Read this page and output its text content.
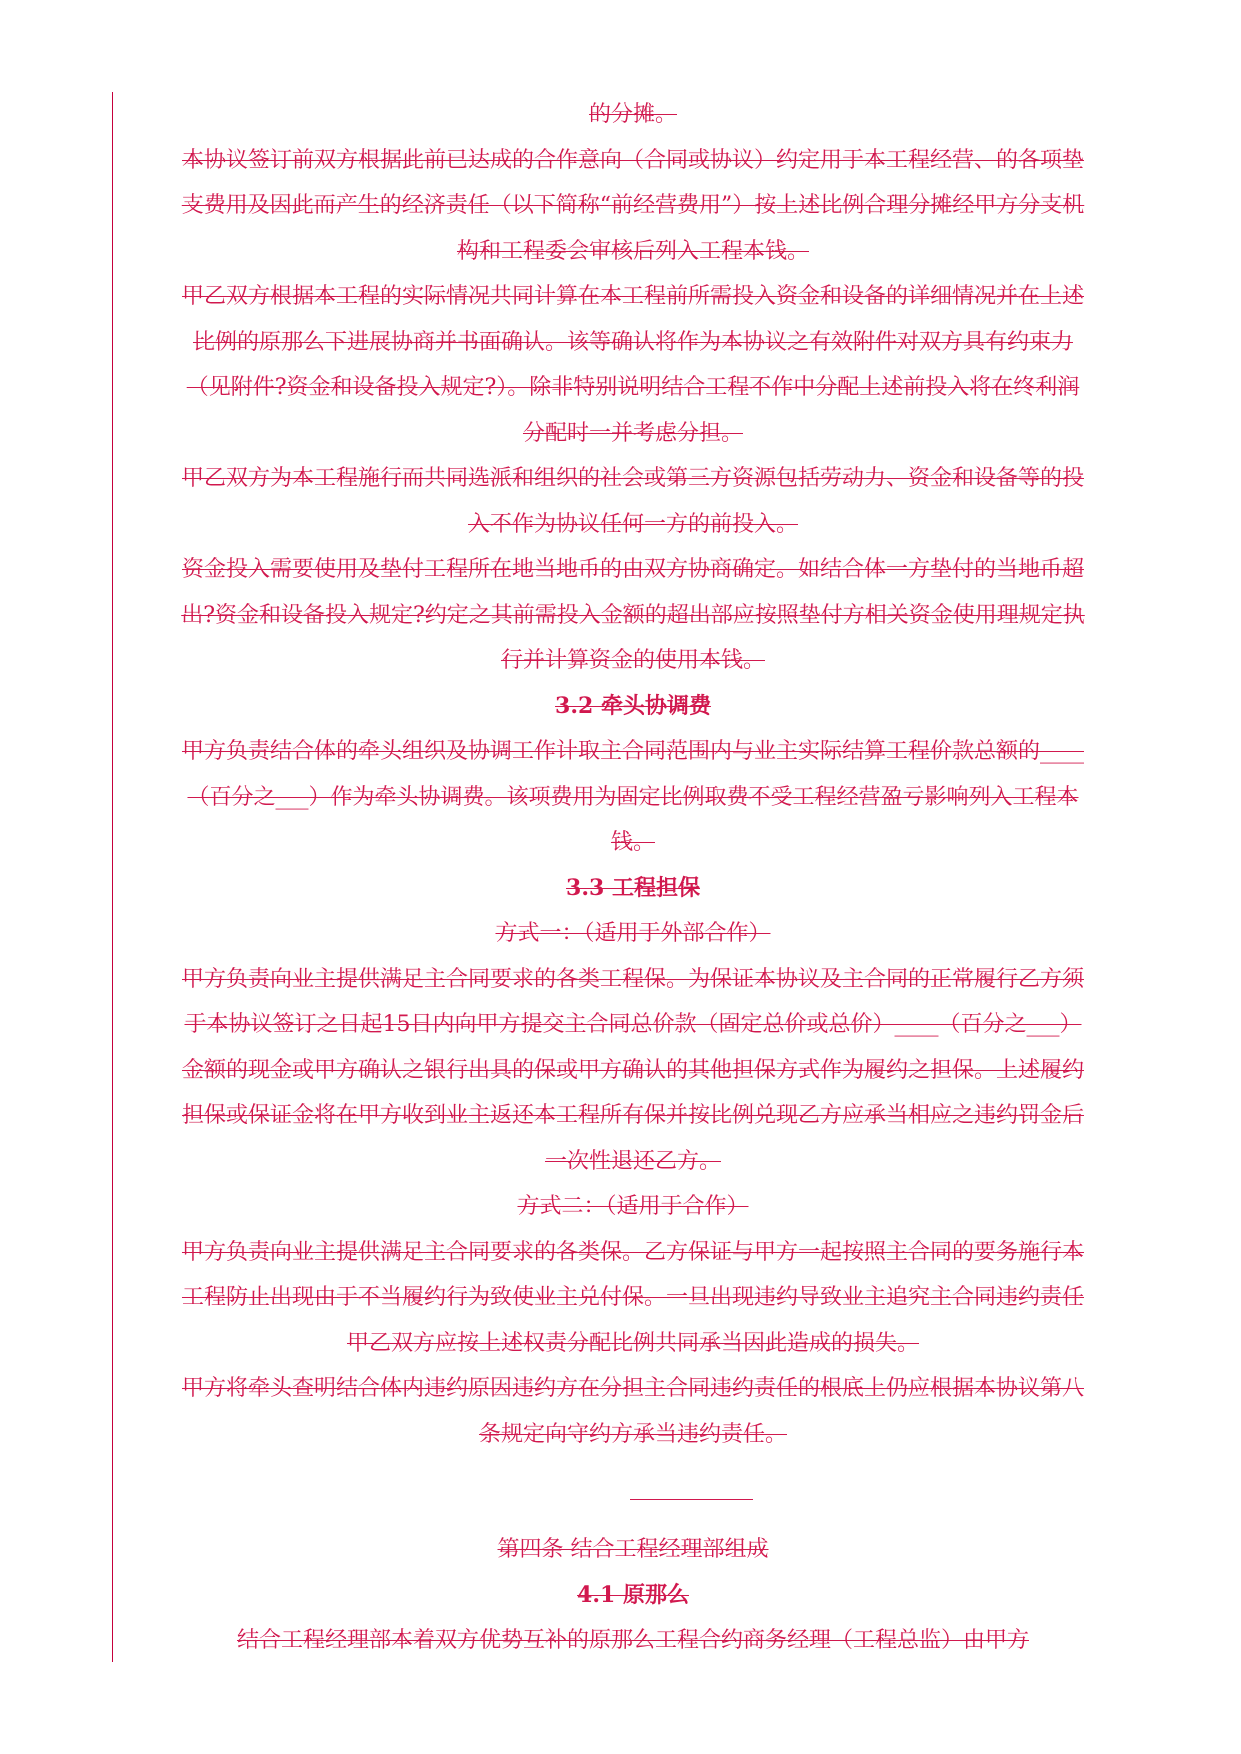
的分摊。

本协议签订前双方根据此前已达成的合作意向（合同或协议）约定用于本工程经营、的各项垫支费用及因此而产生的经济责任（以下简称“前经营费用”）按上述比例合理分摊经甲方分支机构和工程委会审核后列入工程本钱。

甲乙双方根据本工程的实际情况共同计算在本工程前所需投入资金和设备的详细情况并在上述比例的原那么下进展协商并书面确认。该等确认将作为本协议之有效附件对双方具有约束力（见附件?资金和设备投入规定?）。除非特别说明结合工程不作中分配上述前投入将在终利润分配时一并考虑分担。

甲乙双方为本工程施行而共同选派和组织的社会或第三方资源包括劳动力、资金和设备等的投入不作为协议任何一方的前投入。

资金投入需要使用及垫付工程所在地当地币的由双方协商确定。如结合体一方垫付的当地币超出?资金和设备投入规定?约定之其前需投入金额的超出部应按照垫付方相关资金使用理规定执行并计算资金的使用本钱。

3.2 牵头协调费

甲方负责结合体的牵头组织及协调工作计取主合同范围内与业主实际结算工程价款总额的____（百分之___）作为牵头协调费。该项费用为固定比例取费不受工程经营盈亏影响列入工程本钱。

3.3 工程担保

方式一：（适用于外部合作）

甲方负责向业主提供满足主合同要求的各类工程保。为保证本协议及主合同的正常履行乙方须于本协议签订之日起15日内向甲方提交主合同总价款（固定总价或总价）____（百分之___）金额的现金或甲方确认之银行出具的保或甲方确认的其他担保方式作为履约之担保。上述履约担保或保证金将在甲方收到业主返还本工程所有保并按比例兑现乙方应承当相应之违约罚金后一次性退还乙方。

方式二：（适用于合作）

甲方负责向业主提供满足主合同要求的各类保。乙方保证与甲方一起按照主合同的要务施行本工程防止出现由于不当履约行为致使业主兑付保。一旦出现违约导致业主追究主合同违约责任甲乙双方应按上述权责分配比例共同承当因此造成的损失。

甲方将牵头查明结合体内违约原因违约方在分担主合同违约责任的根底上仍应根据本协议第八条规定向守约方承当违约责任。

第四条 结合工程经理部组成

4.1 原那么

结合工程经理部本着双方优势互补的原那么工程合约商务经理（工程总监）由甲方
